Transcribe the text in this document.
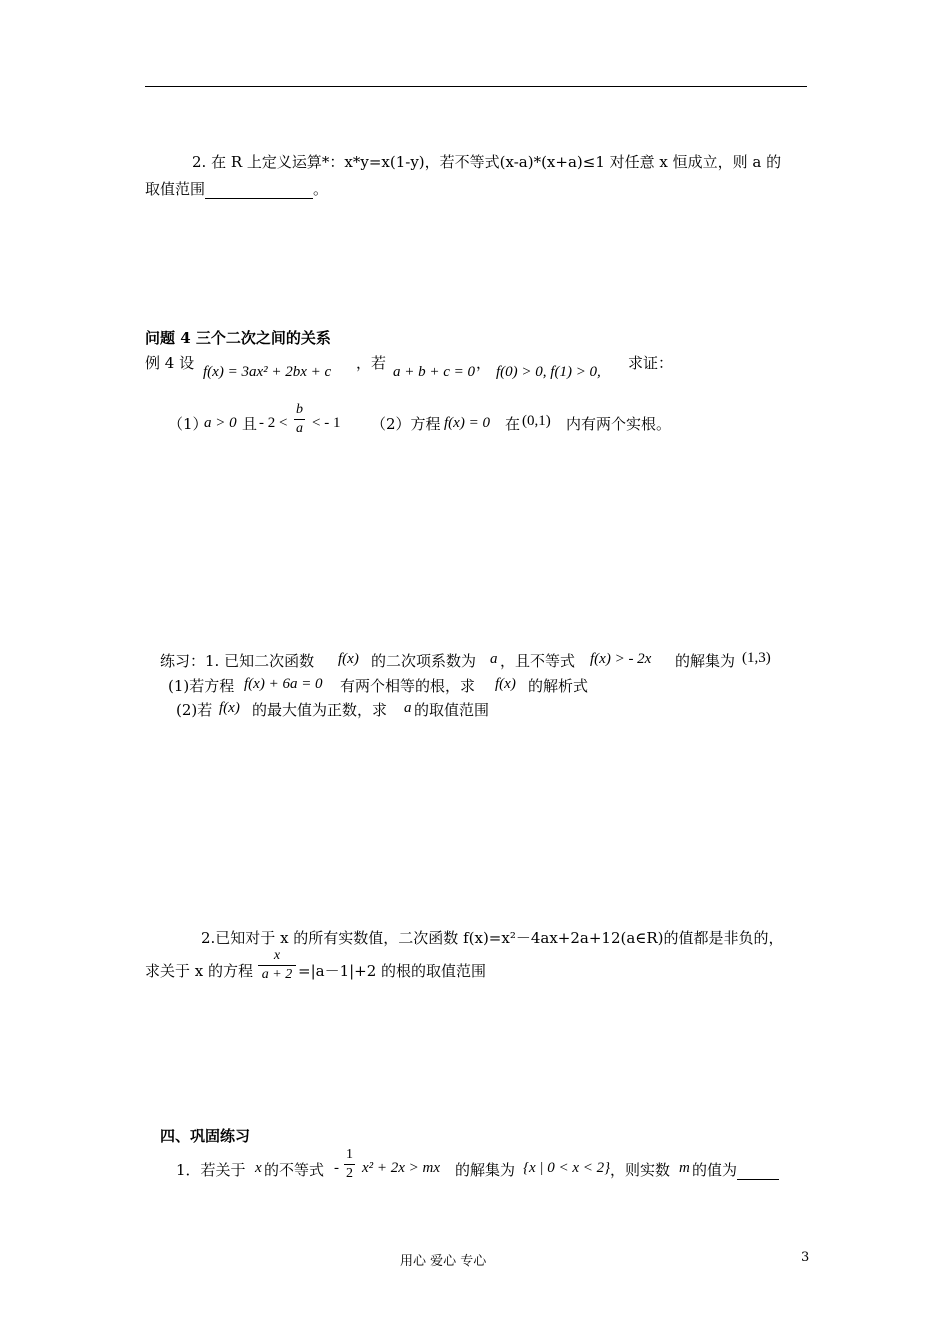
2. 在 R 上定义运算*：x*y=x(1-y)，若不等式(x-a)*(x+a)≤1 对任意 x 恒成立，则 a 的
取值范围	。
问题 4 三个二次之间的关系
例 4 设 f(x) = 3ax² + 2bx + c ，若 a + b + c = 0 ， f(0) > 0, f(1) > 0, 求证：
（1）
a > 0 且 - $2 < \frac{b}{a}$ < - 1 （2）方程 f(x) = 0 在 (0,1) 内有两个实根。
练习：1. 已知二次函数 f(x) 的二次项系数为 a ，且不等式 f(x) > - 2x 的解集为 (1,3)
(1)若方程 f(x) + 6a = 0 有两个相等的根，求 f(x) 的解析式
(2)若 f(x) 的最大值为正数，求 a 的取值范围
2.已知对于 x 的所有实数值，二次函数 f(x)=x²－4ax+2a+12(a∈R)的值都是非负的，
求关于 x 的方程 $\frac{x}{a + 2} =|a-1|+2$ 的根的取值范围
四、巩固练习
1．若关于 x 的不等式 - $\frac{1}{2} x^2 + 2x$ > mx 的解集为 {x | 0 < x < 2} ，则实数 m 的值为
用心 爱心 专心	3
